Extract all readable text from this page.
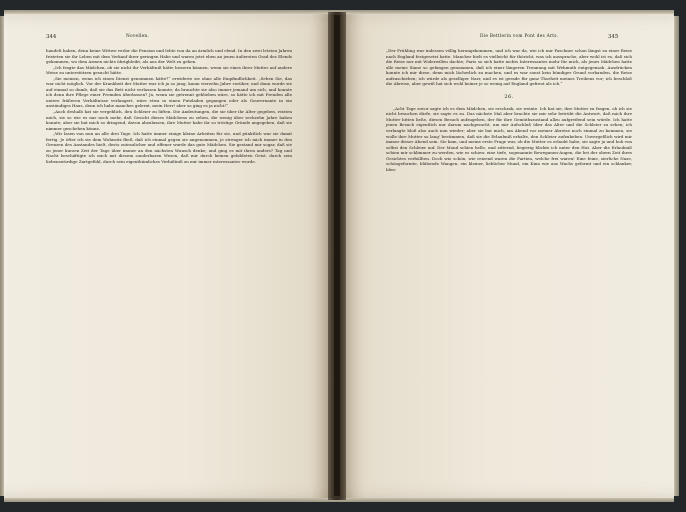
344	Novellen.

handelt haben, denn keine Wittwe verlor die Pension und lebte von da an ärmlich und elend. In den zwei letzten Jahren fristeten sie ihr Leben mit dem Verkauf ihrer geringen Habe und waren jetzt eben an jenen äußersten Grad des Elends gekommen, wo dem Armen nichts übrigbleibt, als aus der Welt zu gehen.

„Ich fragte das Mädchen, ob sie nicht ihr Verhältniß hätte bessern können, wenn sie eines ihrer Mutter auf andere Weise zu unterstützen gesucht hätte.

„Sie meinen, wenn ich einen Dienst genommen hätte?“ erwiderte sie ohne alle Empfindlichkeit. „Sehen Sie, das war nicht möglich. Vor der Krankheit der Mutter war ich ja so jung, kaum vierzehn Jahre vorüber, und dann wurde sie auf einmal so dumb, daß sie das Bett nicht verlassen konnte; da brauchte sie also immer jemand um sich, und konnte ich denn ihre Pflege einer Fremden überlassen? Ja, wenn sie getrennt geblieben wäre, so hätte ich mit Freuden alle untere fräßeren Verhältnisse verlangert, wäre etwa in einen Putzladen gegangen oder als Gouvernante in ein anständiges Haus, denn ich habe manches gelernt, mein Herr! aber so ging es ja nicht!“

„Auch deshalb hat sie vergeblich, den Schleier zu lüften. Die Andeutungen, die sie über ihr Alter gegeben, reizten mich, sie so wie es nur noch mehr, daß Gesicht dieses Mädchens zu sehen, die wenig über sechzehn Jahre haben konnte; aber sie bat mich so dringend, davon abzulassen, ihre Mutter habe ihr so tröstige Gründe angegeben, daß sie nimmer geschehen könne.

„Wir lasen von nun an alle drei Tage. Ich hatte immer einige kleine Arbeiten für sie, und pünktlich war sie damit fertig. Je öfter ich sie dem Wohnsitz fließ, daß ich einmal gegen sie angenommen, je strenger ich mich immer in den Grenzen des Anstandes hielt, desto zutraulicher und offener wurde das gute Mädchen. Sie gestand mir sogar, daß sie zu jener kurzen Zeit der Tage über immer an den nächsten Wunsch denke; und ging es mit ihren anders? Tag und Nacht beschäftigte ich mich mit diesem sonderbaren Wesen, daß mir durch keinen gebildeten Geist, durch sein liebenswürdige Zartgefühl, durch sein eigenthümliches Verhältniß zu mir immer interessanter wurde.

Die Bettlerin vom Pont des Arts.	345

„Der Frühling war indessen völlig herangekommen, und ich war da, wie ich mir Faschner schon längst zu einer Reise nach England festgesetzt hatte. Mancher hielt es vielleicht für thöricht, was ich aussprache, aber wohl ist es, daß sich die Reise nur mit Widerwillen dachte; Paris so sich hatte nichts Interessantes mehr für mich, als jenes Mädchen hatte alle meine Sinne so gefangen genommen, daß ich einer längeren Trennung mit Wehmuth entgegensah. Ausdrücken konnte ich mir diese, denn mich lächerlich zu machen, und es war sonst kein bündiger Grund vorhanden, die Reise aufzuschieben; ich würde als geselliger Narr, und es ist gerade für ganz Thorheit meines Treibens vor; ich beschloß die Abreise, aber gewiß hat sich wohl keiner je so wenig auf England gefreut als ich.“

26.

„Acht Tage zuvor sagte ich es dem Mädchen, sie erschrak, sie weinte. Ich bat sie, ihre Mutter zu fragen, ob ich sie nicht besuchen dürfe, sie sagte es zu. Das nächste Mal aber brachte sie mir sehr betrübt die Antwort, daß mich ihre Mutter bitten ließe, diesen Besuch aufzugeben, der für ihre Gemüthszustand allzu aufgreifend sein würde. Ich hatte jenen Besuch eigentlich nur darum nachgesucht, um mir Aufschluß über das Alter und die Schleier zu sehen; ich verlangte bloß also auch nun wieder; aber sie bat mich, am Abend vor meiner Abreise noch einmal zu kommen, sie wolle ihre Mutter so lang' bestimmen, daß sie die Erlaubniß erhalte, den Schleier aufzuheben. Unvergeßlich wird mir immer dieser Abend sein. Sie kam, und meine erste Frage war, ob die Mutter es erlaubt habe; sie sagte ja und hob von selbst den Schleier auf. Der Mond schien helle, und zitternd, begierig blickte ich unter den Hut. Aber die Erlaubniß schien mir schlimmer zu werden, wie es schien: eine tiefe, sogenannte Bewegunen-Augen, die bei der obern Zeit ihres Gesichtes verhüllten. Doch wie schön, wie reizend waren die Partien, welche frei waren! Eine feine, zierliche Nase, schöngeformte, blühende Wangen, ein kleiner, lieblicher Mund, ein Kinn wie aus Wachs geformt und ein schlanker, blen-
